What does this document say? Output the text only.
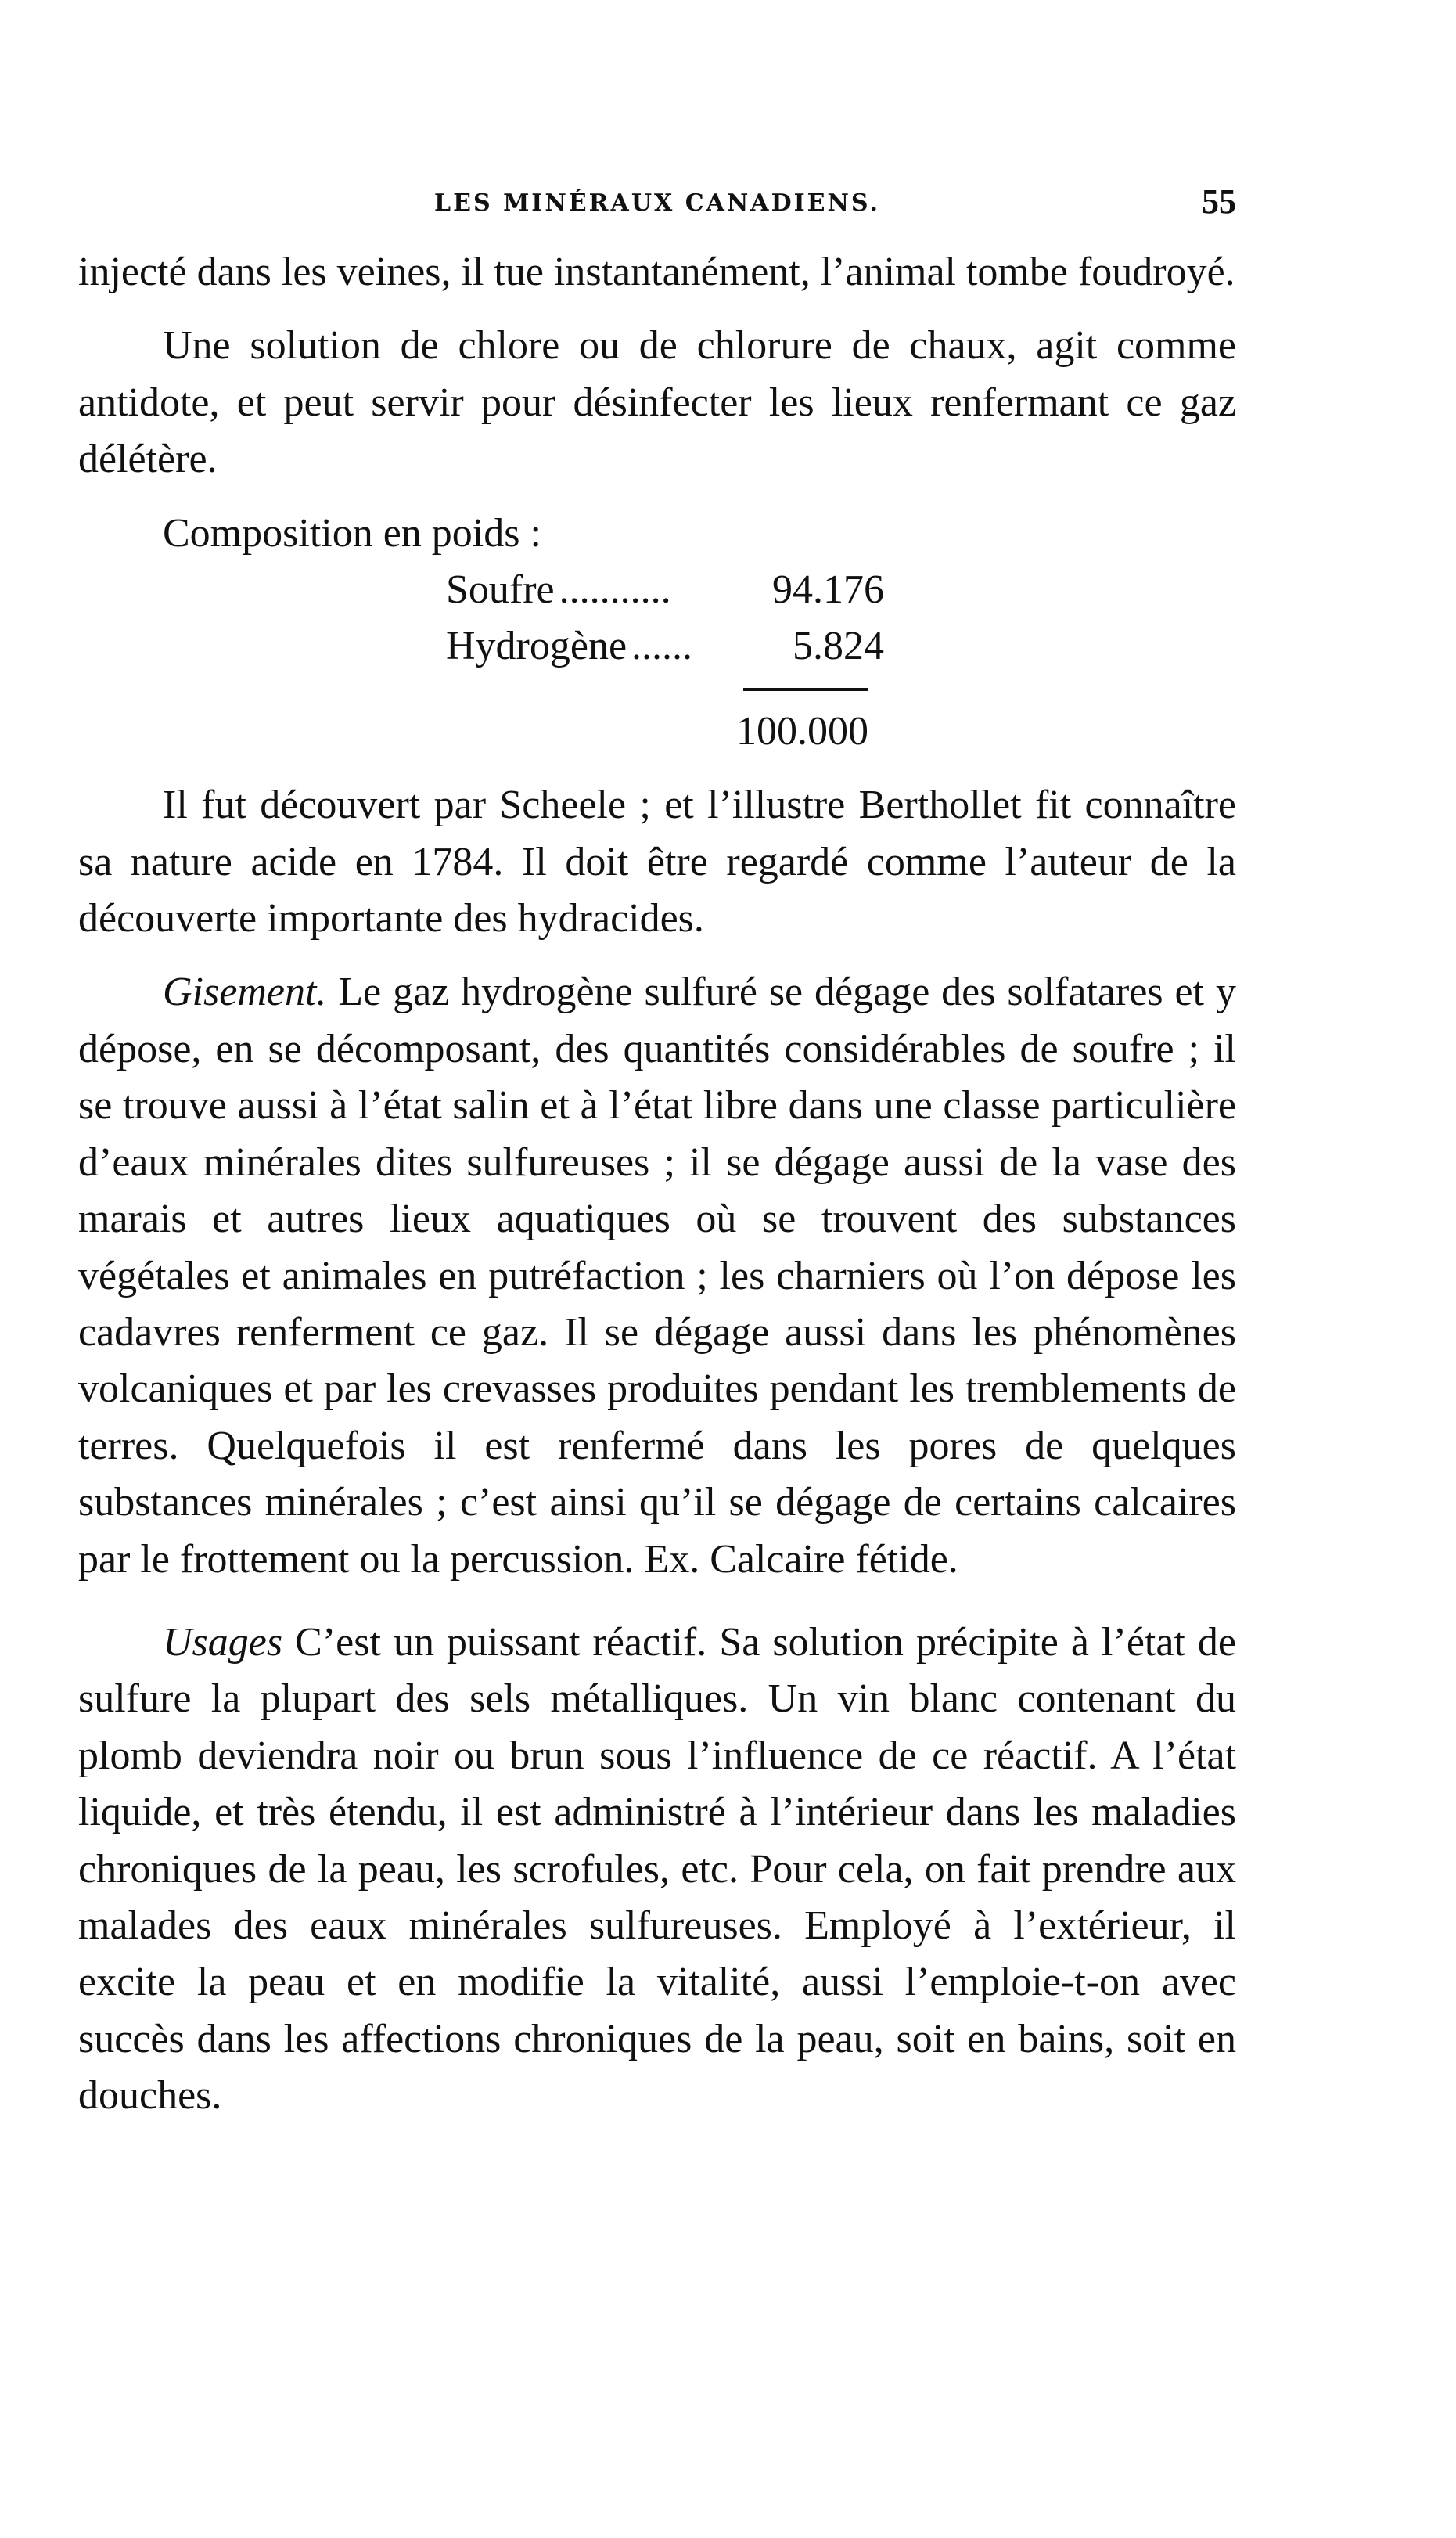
LES MINÉRAUX CANADIENS.	55

injecté dans les veines, il tue instantanément, l’animal tombe foudroyé.

Une solution de chlore ou de chlorure de chaux, agit comme antidote, et peut servir pour désinfecter les lieux renfermant ce gaz délétère.

Composition en poids :

Soufre ...........	94.176
Hydrogène ......	5.824
100.000

Il fut découvert par Scheele ; et l’illustre Berthollet fit connaître sa nature acide en 1784. Il doit être regardé comme l’auteur de la découverte importante des hydracides.

Gisement. Le gaz hydrogène sulfuré se dégage des solfatares et y dépose, en se décomposant, des quantités considérables de soufre ; il se trouve aussi à l’état salin et à l’état libre dans une classe particulière d’eaux minérales dites sulfureuses ; il se dégage aussi de la vase des marais et autres lieux aquatiques où se trouvent des substances végétales et animales en putréfaction ; les charniers où l’on dépose les cadavres renferment ce gaz. Il se dégage aussi dans les phénomènes volcaniques et par les crevasses produites pendant les tremblements de terres. Quelquefois il est renfermé dans les pores de quelques substances minérales ; c’est ainsi qu’il se dégage de certains calcaires par le frottement ou la percussion. Ex. Calcaire fétide.

Usages C’est un puissant réactif. Sa solution précipite à l’état de sulfure la plupart des sels métalliques. Un vin blanc contenant du plomb deviendra noir ou brun sous l’influence de ce réactif. A l’état liquide, et très étendu, il est administré à l’intérieur dans les maladies chroniques de la peau, les scrofules, etc. Pour cela, on fait prendre aux malades des eaux minérales sulfureuses. Employé à l’extérieur, il excite la peau et en modifie la vitalité, aussi l’emploie-t-on avec succès dans les affections chroniques de la peau, soit en bains, soit en douches.
